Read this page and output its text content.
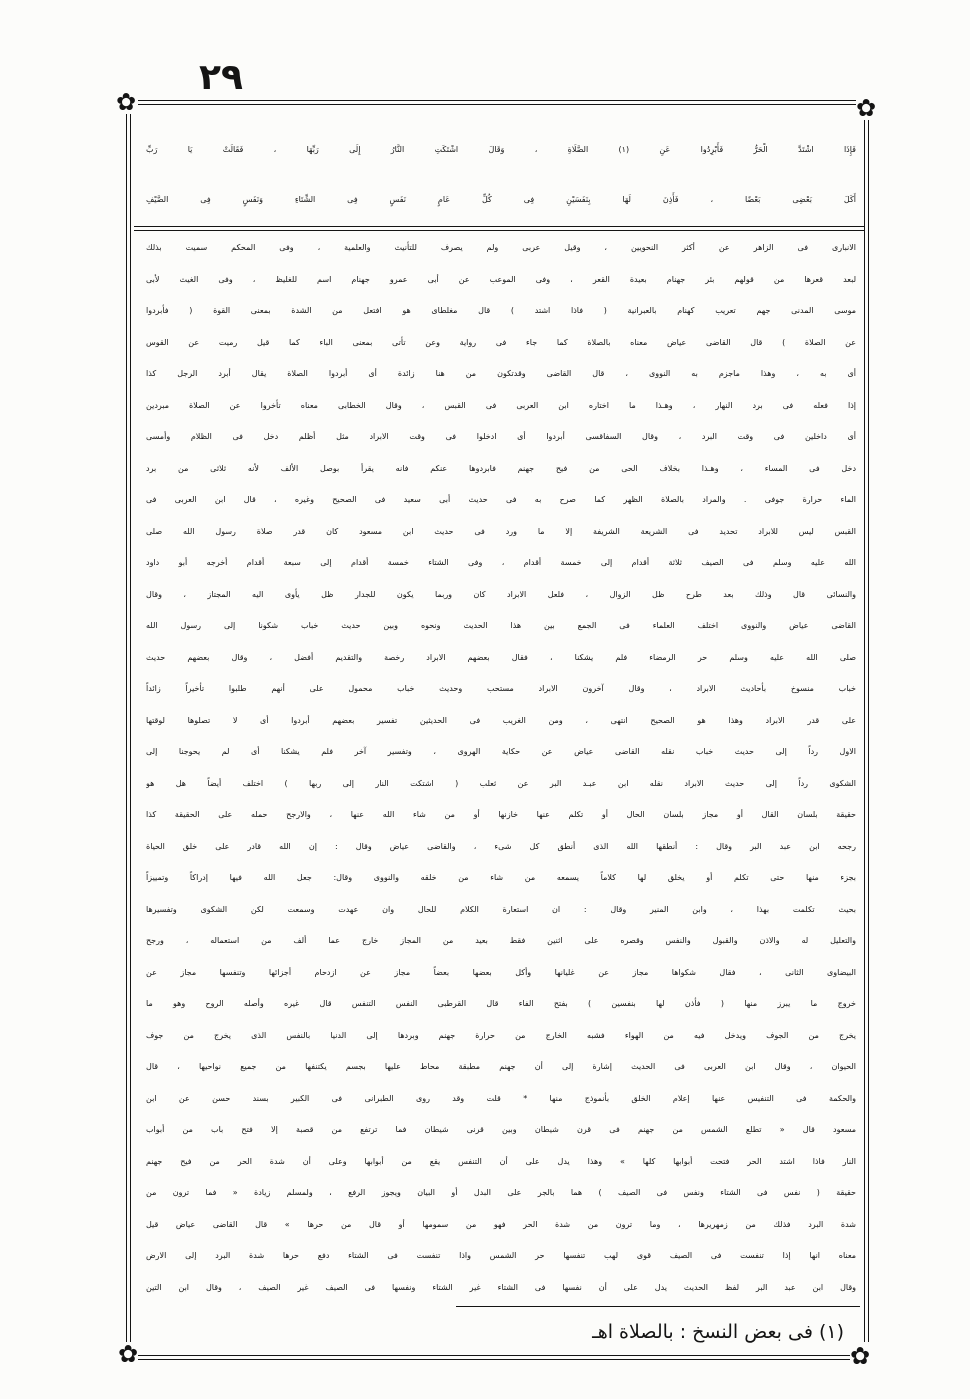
٢٩
✿	✿
✿	✿
فَإِذَا اشْتَدَّ الْحَرُّ فَأَبْرِدُوا عَنِ (١) الصَّلَاةِ ، وَقَالَ اشْتَكَتِ النَّارُ إِلَى رَبِّهَا ، فَقَالَتْ يَا رَبِّ
أَكَلَ بَعْضِى بَعْضًا ، فَأَذِنَ لَهَا بِنَفَسَيْنِ فِى كُلِّ عَامٍ نَفَسٍ فِى الشِّتَاءِ وَنَفَسٍ فِى الصَّيْفِ
الانبارى فى الزاهر عن أكثر النحويين ، وقيل عربى ولم يصرف للتأنيث والعلمية ، وفى المحكم سميت بذلك
لبعد قعرها من قولهم بئر جهنام بعيدة القعر ، وفى الموعب عن أبى عمرو جهنام اسم للغليظ ، وفى الغيث لأبى
موسى المدنى جهم تعريب كهنام بالعبرانية ( فاذا اشتد ) قال مغلطاى هو افتعل من الشدة بمعنى القوة ( فأبردوا
عن الصلاة ) قال القاضى عياض معناه بالصلاة كما جاء فى رواية وعن تأتى بمعنى الباء كما قيل رميت عن القوس
أى به ، وهذا ماجزم به النووى ، قال القاضى وقدتكون من هنا زائدة أى أبردوا الصلاة يقال أبرد الرجل كذا
إذا فعله فى برد النهار ، وهـذا ما اختاره ابن العربى فى القبس ، وقال الخطابى معناه تأخروا عن الصلاة مبردين
أى داخلين فى وقت البرد ، وقال السفاقسى أبردوا أى ادخلوا فى وقت الابراد مثل أظلم دخل فى الظلام وأمسى
دخل فى المساء ، وهـذا بخلاف الحى من فيح جهنم فابردوها عنكم فانه يقرأ بوصل الألف لأنه ثلاثى من برد
الماء حرارة جوفى . والمراد بالصلاة الظهر كما صرح به فى حديث أبى سعيد فى الصحيح وغيره ، قال ابن العربى فى
القبس ليس للابراد تحديد فى الشريعة الشريفة إلا ما ورد فى حديث ابن مسعود كان قدر صلاة رسول الله صلى
الله عليه وسلم فى الصيف ثلاثة أقدام إلى خمسة أقدام ، وفى الشتاء خمسة أقدام إلى سبعة أقدام أخرجه أبو داود
والنسائى قال وذلك بعد طرح ظل الزوال ، فلعل الابراد كان وربما يكون للجدار ظل يأوى اليه المجتاز ، وقال
القاضى عياض والنووى اختلف العلماء فى الجمع بين هذا الحديث ونحوه وبين حديث خباب شكونا إلى رسول الله
صلى الله عليه وسلم حر الرمضاء فلم يشكنا ، فقال بعضهم الابراد رخصة والتقديم أفضل ، وقال بعضهم حديث
خباب منسوخ بأحاديث الابراد ، وقال آخرون الابراد مستحب وحديث خباب محمول على أنهم طلبوا تأخيراً زائداً
على قدر الابراد وهذا هو الصحيح انتهى ، ومن الغريب فى الحديثين تفسير بعضهم أبردوا أى لا تصلوها لوقتها
الاول رداً إلى حديث خباب نقله القاضى عياض عن حكاية الهروى ، وتفسير آخر فلم يشكنا أى لم يحوجنا إلى
الشكوى رداً إلى حديث الابراد نقله ابن عبـد البر عن ثعلب ( اشتكت النار إلى ربها ) اختلف أيضاً هل هو
حقيقة بلسان القال أو مجاز بلسان الحال أو تكلم عنها خازنها أو من شاء الله عنها ، والارجح حمله على الحقيقة كذا
رجحه ابن عبد البر وقال : أنطقها الله الذى أنطق كل شىء ، والقاضى عياض وقال : إن الله قادر على خلق الحياة
بجزء منها حتى تكلم أو يخلق لها كلاماً يسمعه من شاء من خلقه والنووى وقال: جعل الله فيها إدراكاً وتمييزاً
بحيث تكلمت بهذا ، وابن المنير وقال : ان استعارة الكلام للحال وان عهدت وسمعت لكن الشكوى وتفسيرها
والتعليل له والاذن والقبول والنفس وقصره على اثنين فقط بعيد من المجاز خارج عما ألف من استعماله ، ورجح
البيضاوى الثانى ، فقال شكواها مجاز عن غليانها وأكل بعضها بعضاً مجاز عن ازدحام أجزائها وتنفسها مجاز عن
خروج ما يبرز منها ( فأذن لها بنفسين ) بفتح الفاء قال القرطبى النفس التنفس قال غيره وأصله الروح وهو ما
يخرج من الجوف ويدخل فيه من الهواء فشبه الخارج من حرارة جهنم وبردها إلى الدنيا بالنفس الذى يخرج من جوف
الحيوان ، وقال ابن العربى فى الحديث إشارة إلى أن جهنم مطبقة محاط عليها بجسم يكتنفها من جميع نواحيها ، قال
والحكمة فى التنفيس عنها إعلام الخلق بأنموذج منها * قلت وقد روى الطبرانى فى الكبير بسند حسن عن ابن
مسعود قال « تطلع الشمس من جهنم فى قرن شيطان وبين قرنى شيطان فما ترتفع من قصبة إلا فتح باب من أبواب
النار فاذا اشتد الحر فتحت أبوابها كلها » وهذا يدل على أن التنفس يقع من أبوابها وعلى أن شدة الحر من فيح جهنم
حقيقة ( نفس فى الشتاء ونفس فى الصيف ) هما بالجر على البدل أو البيان ويجوز الرفع ، ولمسلم زيادة « فما ترون من
شدة البرد فذلك من زمهريرها ، وما ترون من شدة الحر فهو من سمومها أو قال من حرها » قال القاضى عياض قيل
معناه انها إذا تنفست فى الصيف قوى لهب تنفسها حر الشمس واذا تنفست فى الشتاء دفع حرها شدة البرد إلى الارض
وقال ابن عبد البر لفظ الحديث يدل على أن نفسها فى الشتاء غير الشتاء ونفسها فى الصيف غير الصيف ، وقال ابن التين
(١) فى بعض النسخ : بالصلاة اهـ
